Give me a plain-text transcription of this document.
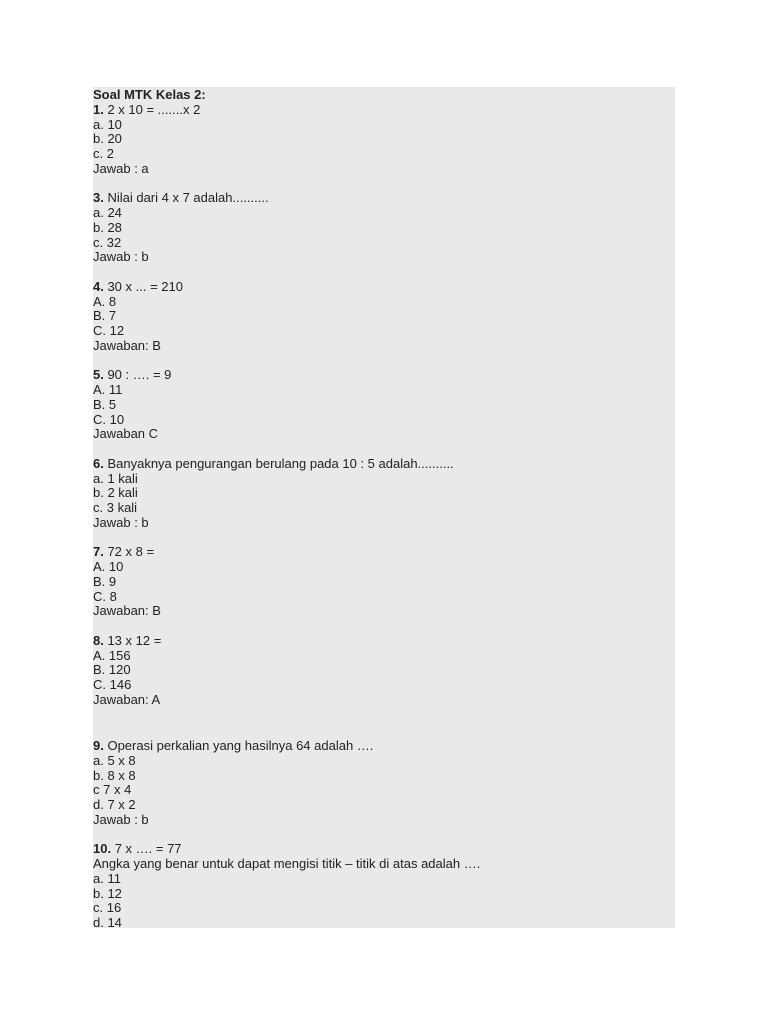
Soal MTK Kelas 2:
1. 2 x 10 = .......x 2
a. 10
b. 20
c. 2
Jawab : a
3. Nilai dari 4 x 7 adalah..........
a. 24
b. 28
c. 32
Jawab : b
4. 30 x ... = 210
A. 8
B. 7
C. 12
Jawaban: B
5. 90 : …. = 9
A. 11
B. 5
C. 10
Jawaban C
6. Banyaknya pengurangan berulang pada 10 : 5 adalah..........
a. 1 kali
b. 2 kali
c. 3 kali
Jawab : b
7. 72 x 8 =
A. 10
B. 9
C. 8
Jawaban: B
8. 13 x 12 =
A. 156
B. 120
C. 146
Jawaban: A
9. Operasi perkalian yang hasilnya 64 adalah ….
a. 5 x 8
b. 8 x 8
c 7 x 4
d. 7 x 2
Jawab : b
10. 7 x …. = 77
Angka yang benar untuk dapat mengisi titik – titik di atas adalah ….
a. 11
b. 12
c. 16
d. 14
